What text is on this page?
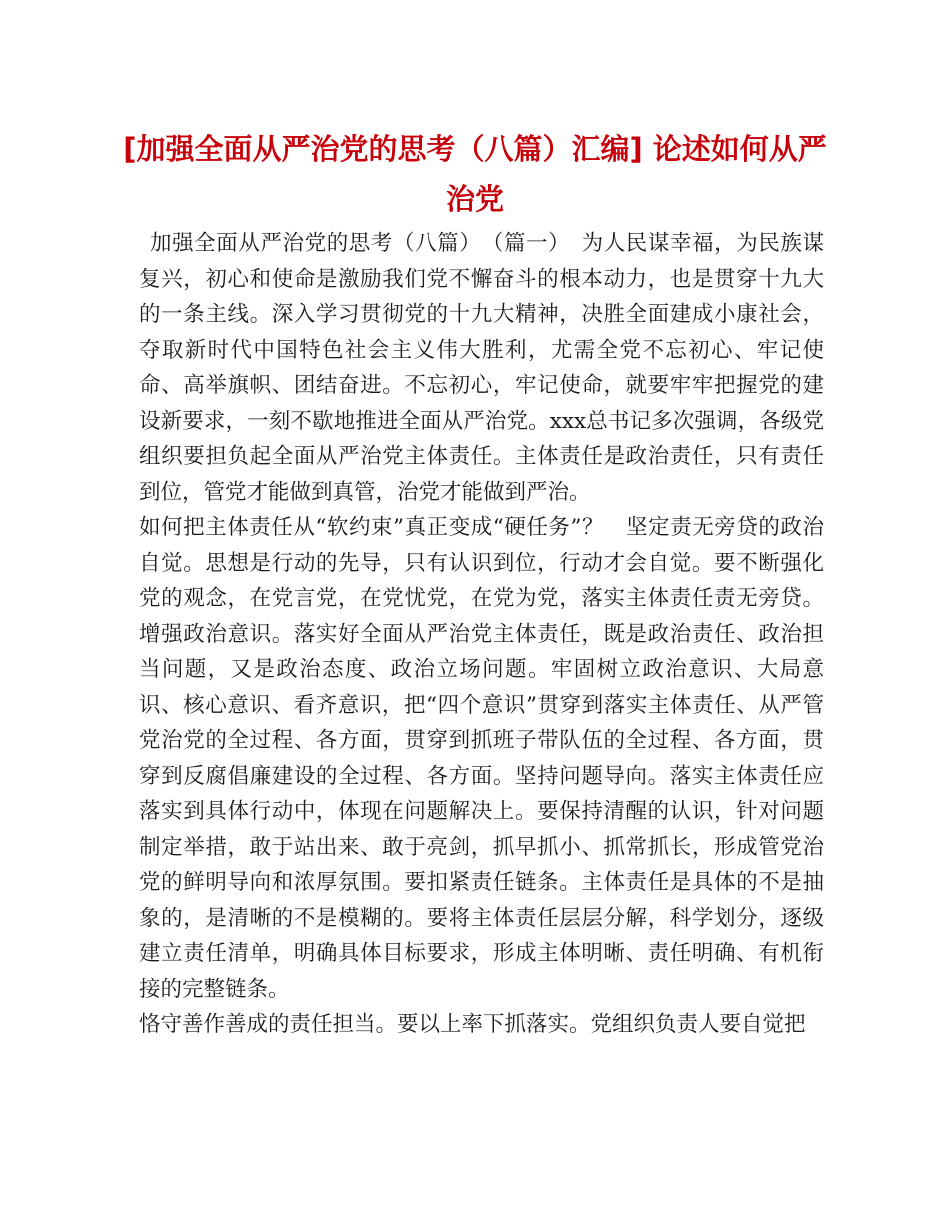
[加强全面从严治党的思考（八篇）汇编] 论述如何从严治党

加强全面从严治党的思考（八篇）　（篇一）　为人民谋幸福，为民族谋复兴，初心和使命是激励我们党不懈奋斗的根本动力，也是贯穿十九大的一条主线。深入学习贯彻党的十九大精神，决胜全面建成小康社会，夺取新时代中国特色社会主义伟大胜利，尤需全党不忘初心、牢记使命、高举旗帜、团结奋进。不忘初心，牢记使命，就要牢牢把握党的建设新要求，一刻不歇地推进全面从严治党。xxx总书记多次强调，各级党组织要担负起全面从严治党主体责任。主体责任是政治责任，只有责任到位，管党才能做到真管，治党才能做到严治。

如何把主体责任从“软约束”真正变成“硬任务”？　坚定责无旁贷的政治自觉。思想是行动的先导，只有认识到位，行动才会自觉。要不断强化党的观念，在党言党，在党忧党，在党为党，落实主体责任责无旁贷。增强政治意识。落实好全面从严治党主体责任，既是政治责任、政治担当问题，又是政治态度、政治立场问题。牢固树立政治意识、大局意识、核心意识、看齐意识，把“四个意识”贯穿到落实主体责任、从严管党治党的全过程、各方面，贯穿到抓班子带队伍的全过程、各方面，贯穿到反腐倡廉建设的全过程、各方面。坚持问题导向。落实主体责任应落实到具体行动中，体现在问题解决上。要保持清醒的认识，针对问题制定举措，敢于站出来、敢于亮剑，抓早抓小、抓常抓长，形成管党治党的鲜明导向和浓厚氛围。要扣紧责任链条。主体责任是具体的不是抽象的，是清晰的不是模糊的。要将主体责任层层分解，科学划分，逐级建立责任清单，明确具体目标要求，形成主体明晰、责任明确、有机衔接的完整链条。

恪守善作善成的责任担当。要以上率下抓落实。党组织负责人要自觉把
